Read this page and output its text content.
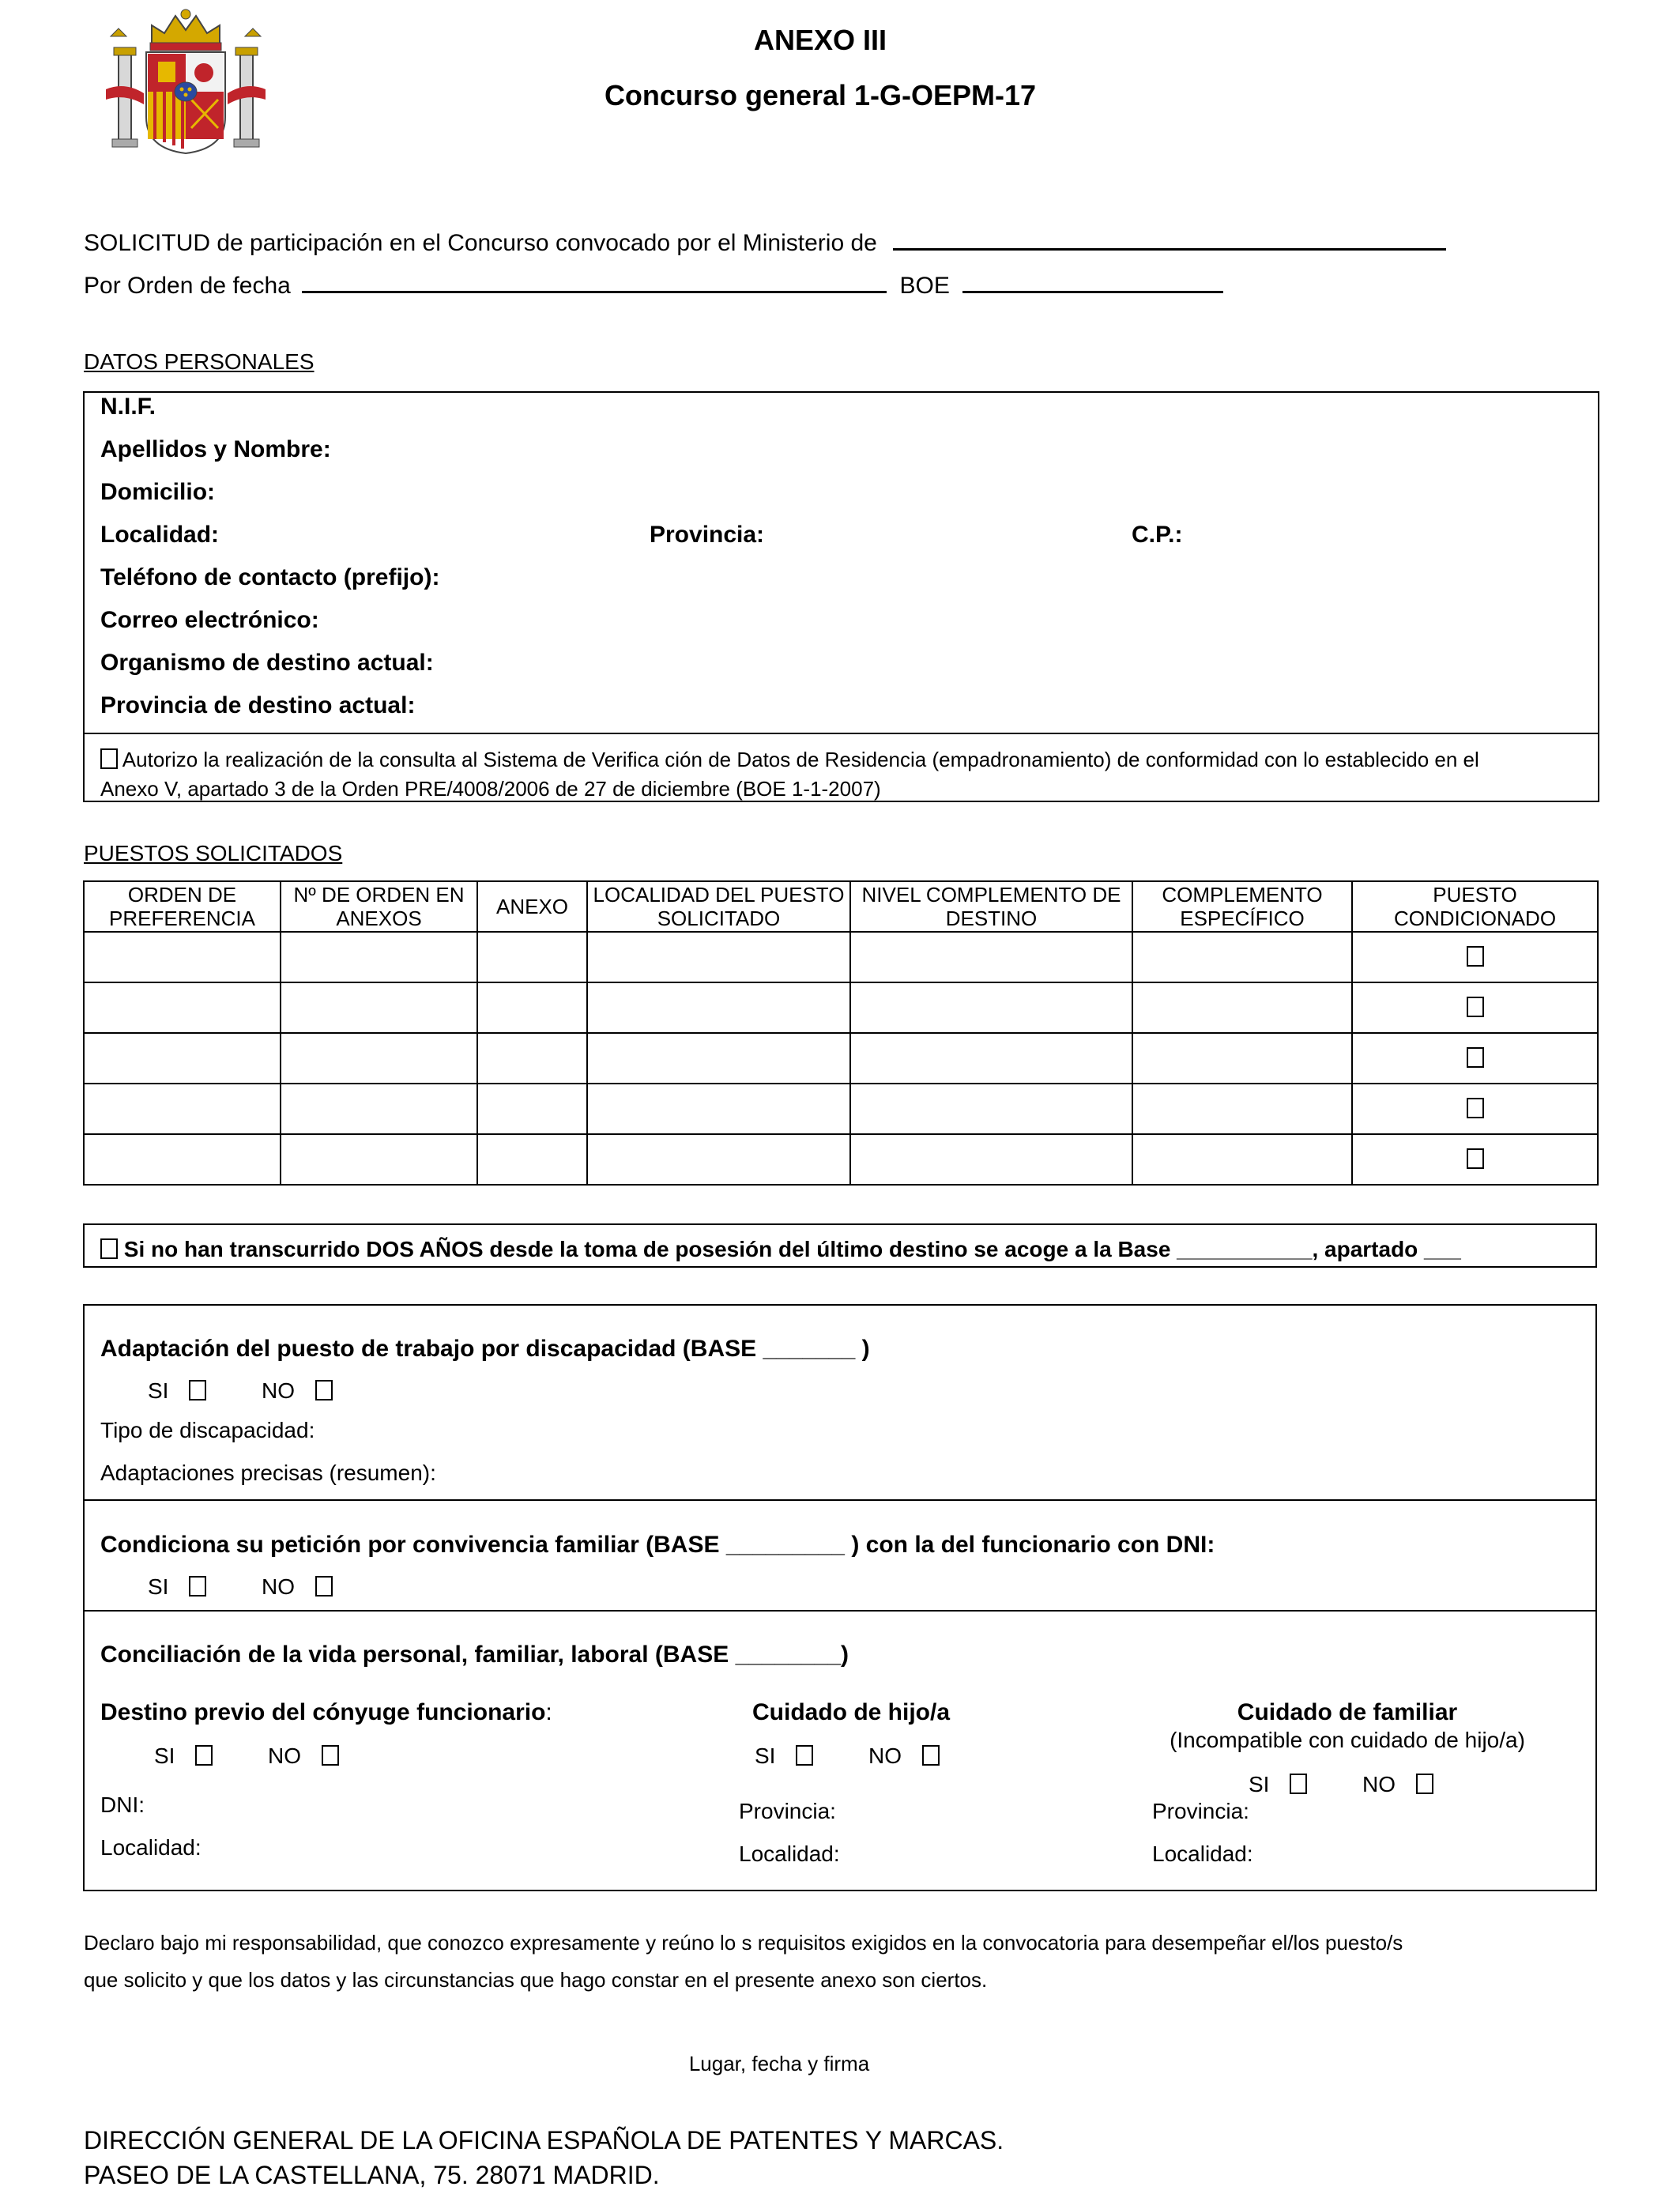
ANEXO III
Concurso general 1-G-OEPM-17
SOLICITUD de participación en el Concurso convocado por el Ministerio de
Por Orden de fecha	BOE
DATOS PERSONALES
N.I.F.
Apellidos y Nombre:
Domicilio:
Localidad:	Provincia:	C.P.:
Teléfono de contacto (prefijo):
Correo electrónico:
Organismo de destino actual:
Provincia de destino actual:
Autorizo la realización de la consulta al Sistema de Verifica ción de Datos de Residencia (empadronamiento) de conformidad con lo establecido en el
Anexo V, apartado 3 de la Orden PRE/4008/2006 de 27 de diciembre (BOE 1-1-2007)
PUESTOS SOLICITADOS
ORDEN DE PREFERENCIA	Nº DE ORDEN EN ANEXOS	ANEXO	LOCALIDAD DEL PUESTO SOLICITADO	NIVEL COMPLEMENTO DE DESTINO	COMPLEMENTO ESPECÍFICO	PUESTO CONDICIONADO

Si no han transcurrido DOS AÑOS desde la toma de posesión del último destino se acoge a la Base ___________, apartado ___
Adaptación del puesto de trabajo por discapacidad (BASE _______ )
SI	NO
Tipo de discapacidad:
Adaptaciones precisas (resumen):
Condiciona su petición por convivencia familiar (BASE _________ ) con la del funcionario con DNI:
SI	NO
Conciliación de la vida personal, familiar, laboral (BASE ________)
Destino previo del cónyuge funcionario:
SI	NO
DNI:
Localidad:
Cuidado de hijo/a
SI	NO
Provincia:
Localidad:
Cuidado de familiar
(Incompatible con cuidado de hijo/a)
SI	NO
Provincia:
Localidad:
Declaro bajo mi responsabilidad, que conozco expresamente y reúno lo s requisitos exigidos en la convocatoria para desempeñar el/los puesto/s
que solicito y que los datos y las circunstancias que hago constar en el presente anexo son ciertos.
Lugar, fecha y firma
DIRECCIÓN GENERAL DE LA OFICINA ESPAÑOLA DE PATENTES Y MARCAS.
PASEO DE LA CASTELLANA, 75. 28071 MADRID.
